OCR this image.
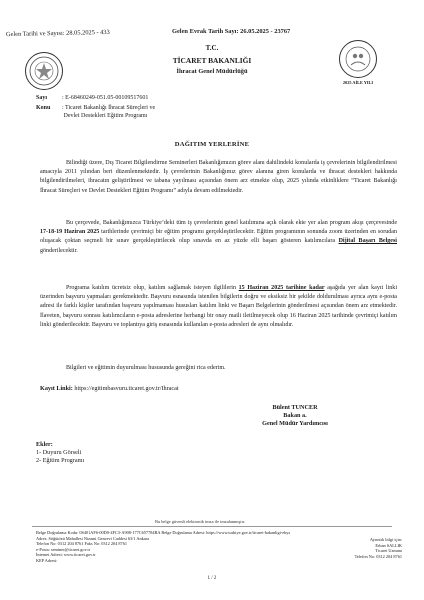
Gelen Tarihi ve Sayısı: 28.05.2025 - 433	Gelen Evrak Tarih Sayı: 26.05.2025 - 23767
2025 AİLE YILI
T.C.
TİCARET BAKANLIĞI
İhracat Genel Müdürlüğü
Sayı : E-68460249-051.05-00109517601
Konu : Ticaret Bakanlığı İhracat Süreçleri ve
Devlet Destekleri Eğitim Programı
DAĞITIM YERLERİNE
Bilindiği üzere, Dış Ticaret Bilgilendirme Seminerleri Bakanlığımızın görev alanı dahilindeki konularda iş çevrelerinin bilgilendirilmesi amacıyla 2011 yılından beri düzenlenmektedir. İş çevrelerinin Bakanlığımız görev alanına giren konularda ve ihracat destekleri hakkında bilgilendirilmeleri, ihracatın geliştirilmesi ve tabana yayılması açısından önem arz etmekte olup, 2025 yılında etkinliklere “Ticaret Bakanlığı İhracat Süreçleri ve Devlet Destekleri Eğitim Programı” adıyla devam edilmektedir.
Bu çerçevede, Bakanlığımızca Türkiye’deki tüm iş çevrelerinin genel katılımına açık olarak ekte yer alan program akışı çerçevesinde 17-18-19 Haziran 2025 tarihlerinde çevrimiçi bir eğitim programı gerçekleştirilecektir. Eğitim programının sonunda zoom üzerinden en sorudan oluşacak çoktan seçmeli bir sınav gerçekleştirilecek olup sınavda en az yüzde elli başarı gösteren katılımcılara Dijital Başarı Belgesi gönderilecektir.
Programa katılım ücretsiz olup, katılım sağlamak isteyen ilgililerin 15 Haziran 2025 tarihine kadar aşağıda yer alan kayıt linki üzerinden başvuru yapmaları gerekmektedir. Başvuru esnasında istenilen bilgilerin doğru ve eksiksiz bir şekilde doldurulması ayrıca aynı e-posta adresi ile farklı kişiler tarafından başvuru yapılmaması hususları katılım linki ve Başarı Belgelerinin gönderilmesi açısından önem arz etmektedir. İlaveten, başvuru sonrası katılımcıların e-posta adreslerine herhangi bir onay maili iletilmeyecek olup 16 Haziran 2025 tarihinde çevrimiçi katılım linki gönderilecektir. Başvuru ve toplantıya giriş esnasında kullanılan e-posta adresleri de aynı olmalıdır.
Bilgileri ve eğitimin duyurulması hususunda gereğini rica ederim.
Kayıt Linki: https://egitimbasvuru.ticaret.gov.tr/Ihracat
Bülent TUNCER
Bakan a.
Genel Müdür Yardımcısı
Ekler:
1- Duyuru Görseli
2- Eğitim Programı
Bu belge güvenli elektronik imza ile imzalanmıştır.
Belge Doğrulama Kodu: 0S401AF6-00D0-4FC3-A908-177C657784BA Belge Doğrulama Adresi: https://www.turkiye.gov.tr/ticaret-bakanligi-ebys
Adres: Söğütözü Mahallesi Nizami Gencevi Caddesi 63/1 Ankara
Telefon No: 0312 204 8761 Faks No: 0312 204 8761
e-Posta: seminer@ticaret.gov.tr
İnternet Adresi: www.ticaret.gov.tr
KEP Adresi:
Ayrıntılı bilgi için:
Erhan SALLIK
Ticaret Uzmanı
Telefon No: 0312 204 8761
1 / 2
